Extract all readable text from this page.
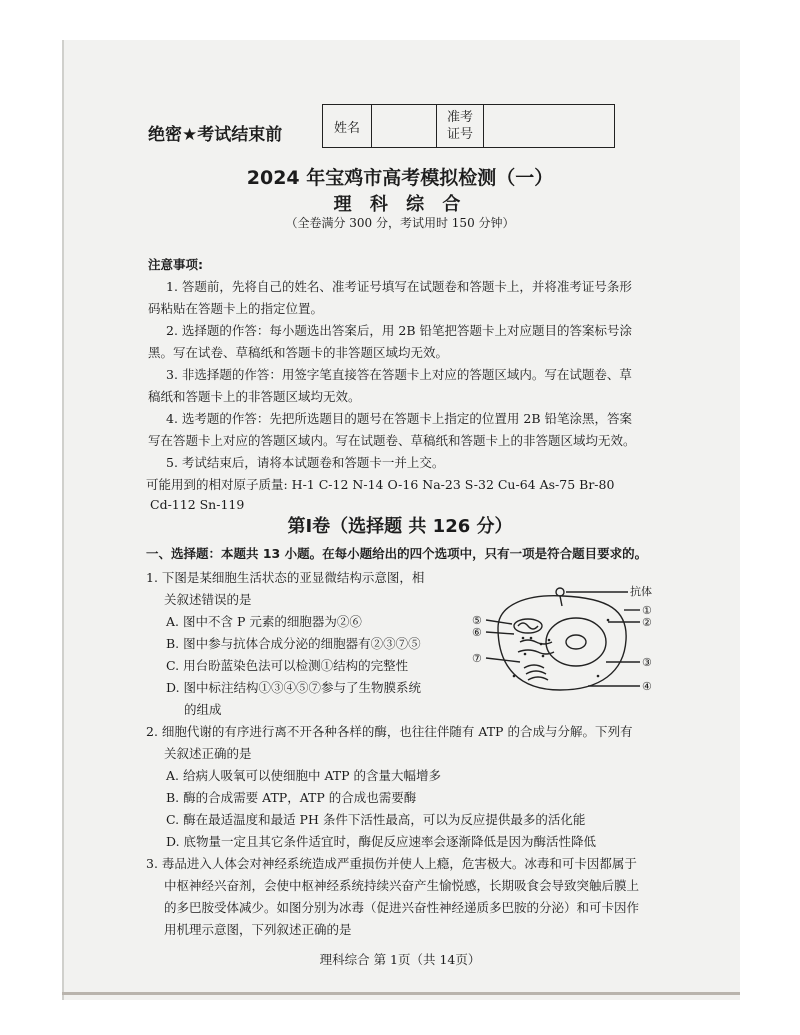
绝密★考试结束前	姓名		
准考
证号

2024 年宝鸡市高考模拟检测（一）
理 科 综 合
（全卷满分 300 分，考试用时 150 分钟）
注意事项:
1. 答题前，先将自己的姓名、准考证号填写在试题卷和答题卡上，并将准考证号条形
码粘贴在答题卡上的指定位置。
2. 选择题的作答：每小题选出答案后，用 2B 铅笔把答题卡上对应题目的答案标号涂
黑。写在试卷、草稿纸和答题卡的非答题区域均无效。
3. 非选择题的作答：用签字笔直接答在答题卡上对应的答题区域内。写在试题卷、草
稿纸和答题卡上的非答题区域均无效。
4. 选考题的作答：先把所选题目的题号在答题卡上指定的位置用 2B 铅笔涂黑，答案
写在答题卡上对应的答题区域内。写在试题卷、草稿纸和答题卡上的非答题区域均无效。
5. 考试结束后，请将本试题卷和答题卡一并上交。
可能用到的相对原子质量: H-1 C-12 N-14 O-16 Na-23 S-32 Cu-64 As-75 Br-80
Cd-112 Sn-119
第Ⅰ卷（选择题 共 126 分）
一、选择题：本题共 13 小题。在每小题给出的四个选项中，只有一项是符合题目要求的。
1. 下图是某细胞生活状态的亚显微结构示意图，相
关叙述错误的是
A. 图中不含 P 元素的细胞器为②⑥
B. 图中参与抗体合成分泌的细胞器有②③⑦⑤
C. 用台盼蓝染色法可以检测①结构的完整性
D. 图中标注结构①③④⑤⑦参与了生物膜系统
的组成
抗体
①
②
③
④
⑤
⑥
⑦
2. 细胞代谢的有序进行离不开各种各样的酶，也往往伴随有 ATP 的合成与分解。下列有
关叙述正确的是
A. 给病人吸氧可以使细胞中 ATP 的含量大幅增多
B. 酶的合成需要 ATP，ATP 的合成也需要酶
C. 酶在最适温度和最适 PH 条件下活性最高，可以为反应提供最多的活化能
D. 底物量一定且其它条件适宜时，酶促反应速率会逐渐降低是因为酶活性降低
3. 毒品进入人体会对神经系统造成严重损伤并使人上瘾，危害极大。冰毒和可卡因都属于
中枢神经兴奋剂，会使中枢神经系统持续兴奋产生愉悦感，长期吸食会导致突触后膜上
的多巴胺受体减少。如图分别为冰毒（促进兴奋性神经递质多巴胺的分泌）和可卡因作
用机理示意图，下列叙述正确的是
理科综合 第 1页（共 14页）
